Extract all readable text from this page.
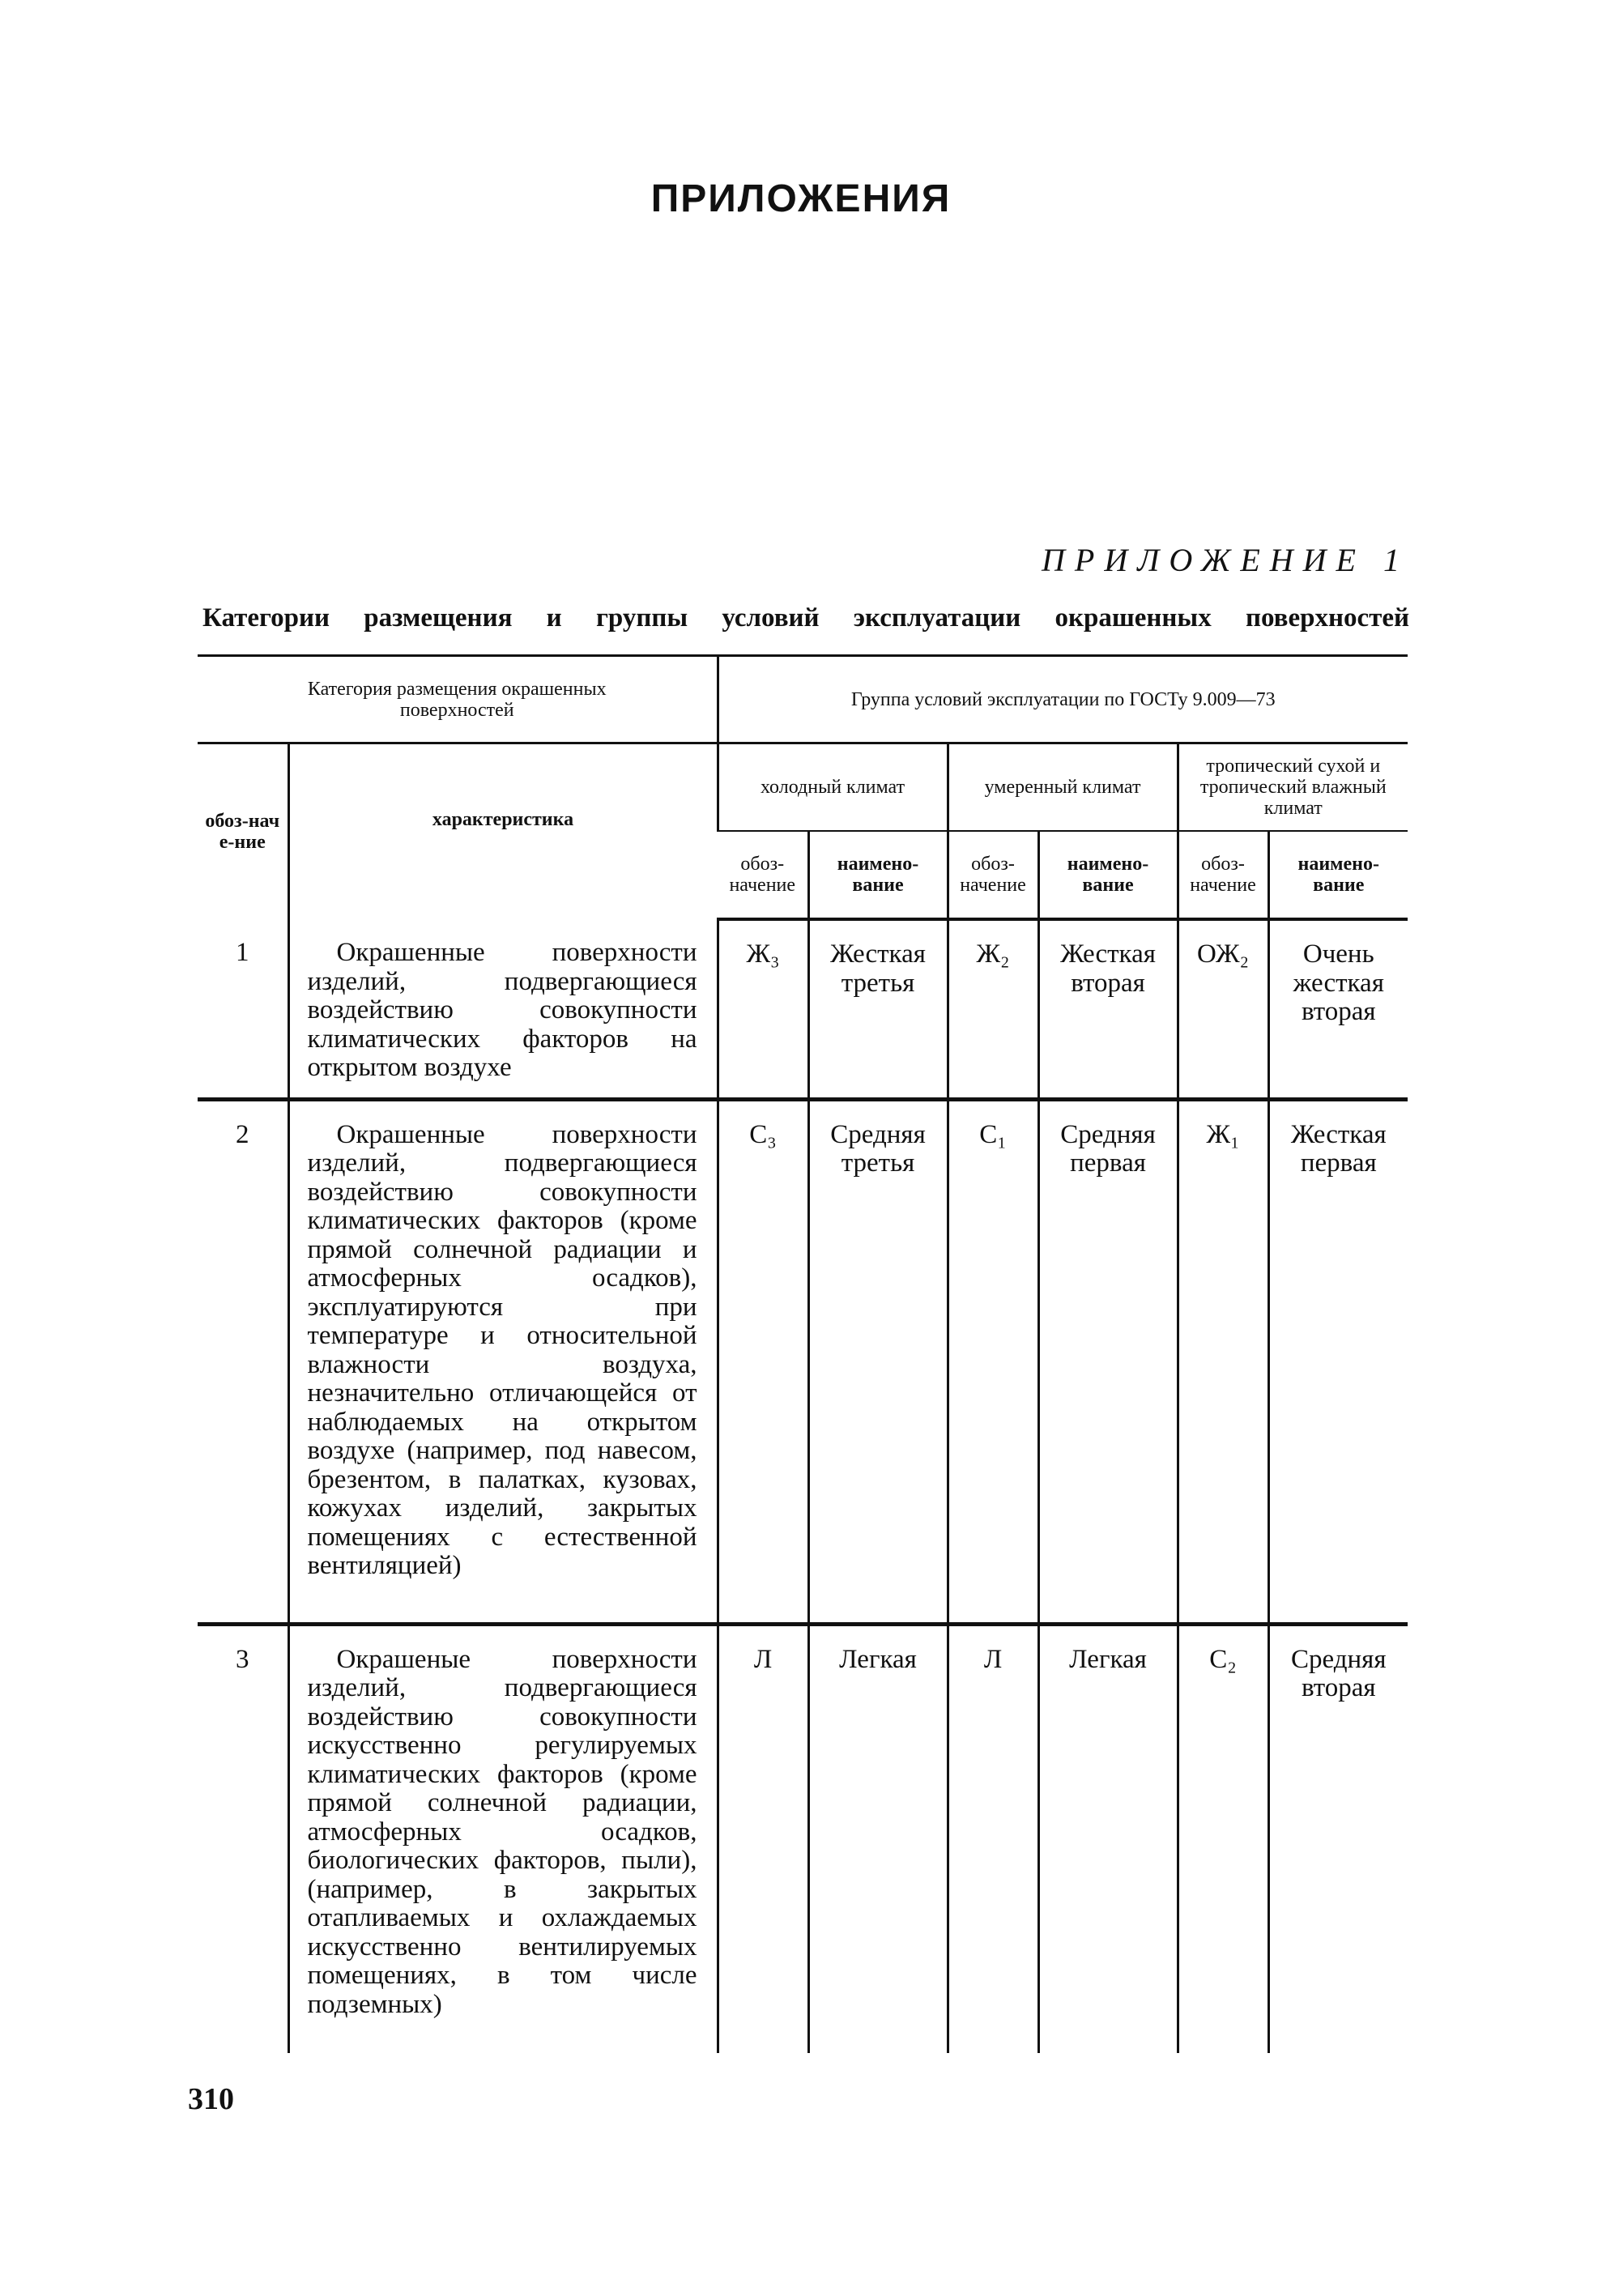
ПРИЛОЖЕНИЯ

ПРИЛОЖЕНИЕ 1

Категории размещения и группы условий эксплуатации окрашенных поверхностей

Категория размещения окрашенных поверхностей		Группа условий эксплуатации по ГОСТу 9.009—73					
обоз-наче-ние	характеристика	холодный климат		умеренный климат		тропический сухой и тропический влажный климат	
		обоз-начение	наимено-вание	обоз-начение	наимено-вание	обоз-начение	наимено-вание
1	Окрашенные поверхности изделий, подвергающиеся воздействию совокупности климатических факторов на открытом воздухе	Ж₃	Жесткая третья	Ж₂	Жесткая вторая	ОЖ₂	Очень жесткая вторая
2	Окрашенные поверхности изделий, подвергающиеся воздействию совокупности климатических факторов (кроме прямой солнечной радиации и атмосферных осадков), эксплуатируются при температуре и относительной влажности воздуха, незначительно отличающейся от наблюдаемых на открытом воздухе (например, под навесом, брезентом, в палатках, кузовах, кожухах изделий, закрытых помещениях с естественной вентиляцией)	С₃	Средняя третья	С₁	Средняя первая	Ж₁	Жесткая первая
3	Окрашеные поверхности изделий, подвергающиеся воздействию совокупности искусственно регулируемых климатических факторов (кроме прямой солнечной радиации, атмосферных осадков, биологических факторов, пыли), (например, в закрытых отапливаемых и охлаждаемых искусственно вентилируемых помещениях, в том числе подземных)	Л	Легкая	Л	Легкая	С₂	Средняя вторая

310
